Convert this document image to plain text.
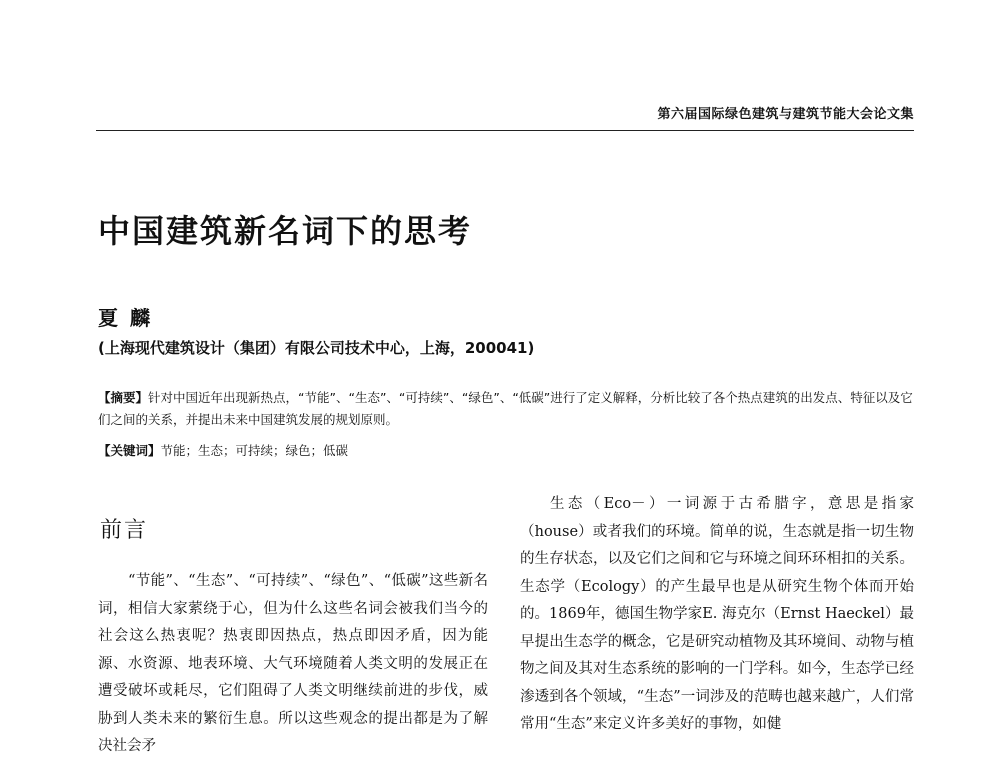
第六届国际绿色建筑与建筑节能大会论文集
中国建筑新名词下的思考
夏麟
(上海现代建筑设计（集团）有限公司技术中心，上海，200041)
【摘要】针对中国近年出现新热点，“节能”、“生态”、“可持续”、“绿色”、“低碳”进行了定义解释，分析比较了各个热点建筑的出发点、特征以及它们之间的关系，并提出未来中国建筑发展的规划原则。
【关键词】节能；生态；可持续；绿色；低碳
前言
“节能”、“生态”、“可持续”、“绿色”、“低碳”这些新名词，相信大家萦绕于心，但为什么这些名词会被我们当今的社会这么热衷呢？热衷即因热点，热点即因矛盾，因为能源、水资源、地表环境、大气环境随着人类文明的发展正在遭受破坏或耗尽，它们阻碍了人类文明继续前进的步伐，威胁到人类未来的繁衍生息。所以这些观念的提出都是为了解决社会矛
生态（Eco－）一词源于古希腊字，意思是指家（house）或者我们的环境。简单的说，生态就是指一切生物的生存状态，以及它们之间和它与环境之间环环相扣的关系。生态学（Ecology）的产生最早也是从研究生物个体而开始的。1869年，德国生物学家E. 海克尔（Ernst Haeckel）最早提出生态学的概念，它是研究动植物及其环境间、动物与植物之间及其对生态系统的影响的一门学科。如今，生态学已经渗透到各个领域，“生态”一词涉及的范畴也越来越广，人们常常用“生态”来定义许多美好的事物，如健
